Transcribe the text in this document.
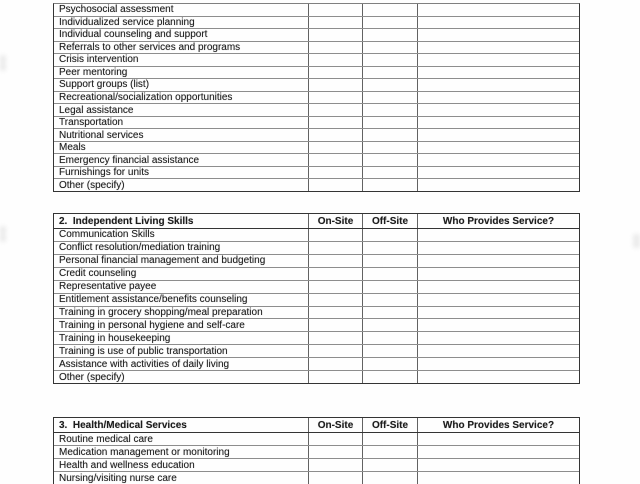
Psychosocial assessment
Individualized service planning
Individual counseling and support
Referrals to other services and programs
Crisis intervention
Peer mentoring
Support groups (list)
Recreational/socialization opportunities
Legal assistance
Transportation
Nutritional services
Meals
Emergency financial assistance
Furnishings for units
Other (specify)
2.  Independent Living Skills	On-Site	Off-Site	Who Provides Service?
Communication Skills
Conflict resolution/mediation training
Personal financial management and budgeting
Credit counseling
Representative payee
Entitlement assistance/benefits counseling
Training in grocery shopping/meal preparation
Training in personal hygiene and self-care
Training in housekeeping
Training is use of public transportation
Assistance with activities of daily living
Other (specify)
3.  Health/Medical Services	On-Site	Off-Site	Who Provides Service?
Routine medical care
Medication management or monitoring
Health and wellness education
Nursing/visiting nurse care
